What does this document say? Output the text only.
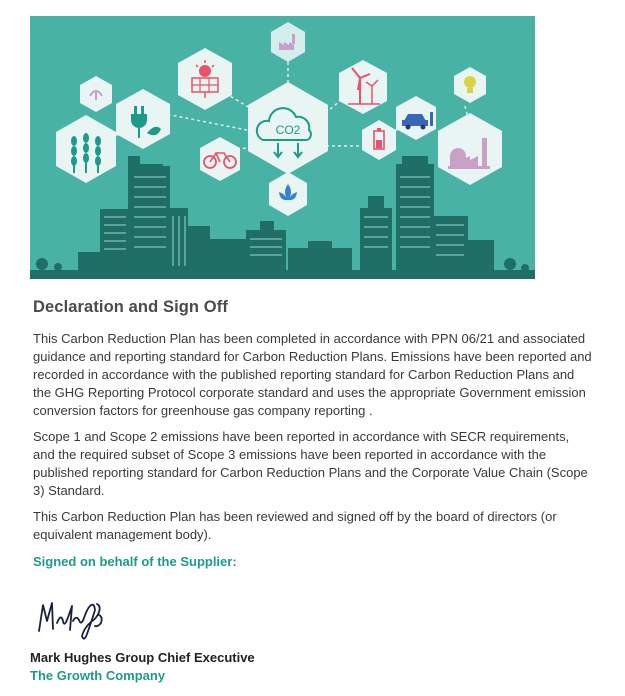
CO2
Declaration and Sign Off

This Carbon Reduction Plan has been completed in accordance with PPN 06/21 and associated guidance and reporting standard for Carbon Reduction Plans. Emissions have been reported and recorded in accordance with the published reporting standard for Carbon Reduction Plans and the GHG Reporting Protocol corporate standard and uses the appropriate Government emission conversion factors for greenhouse gas company reporting .

Scope 1 and Scope 2 emissions have been reported in accordance with SECR requirements, and the required subset of Scope 3 emissions have been reported in accordance with the published reporting standard for Carbon Reduction Plans and the Corporate Value Chain (Scope 3) Standard.

This Carbon Reduction Plan has been reviewed and signed off by the board of directors (or equivalent management body).

Signed on behalf of the Supplier:
Mark Hughes Group Chief Executive
The Growth Company
